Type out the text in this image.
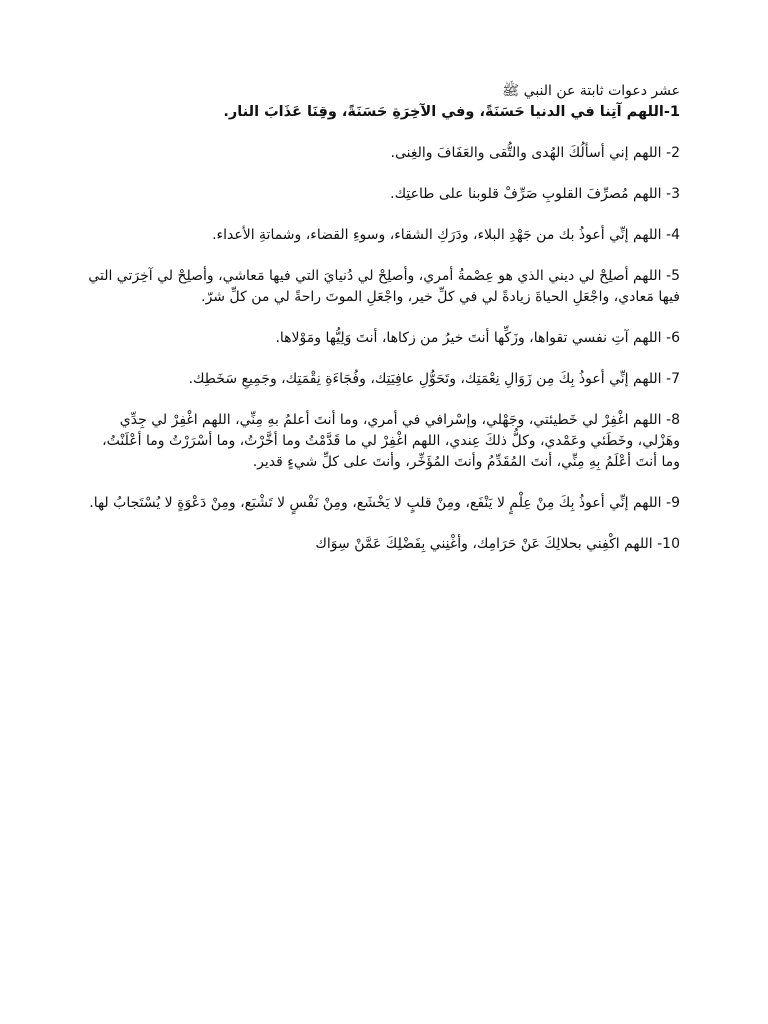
عشر دعوات ثابتة عن النبي ﷺ

1-اللهم آتِنا في الدنيا حَسَنَةً، وفي الآخِرَةِ حَسَنَةً، وقِنَا عَذَابَ النار.

2- اللهم إني أسألُكَ الهُدى والتُّقى والعَفَافَ والغِنى.

3- اللهم مُصرِّفَ القلوبِ صَرِّفْ قلوبنا على طاعتِك.

4- اللهم إنِّي أعوذُ بك من جَهْدِ البلاء، ودَرَكِ الشقاء، وسوءِ القضاء، وشماتةِ الأعداء.

5- اللهم أصلِحْ لي ديني الذي هو عِصْمةُ أمري، وأصلِحْ لي دُنيايَ التي فيها مَعاشي، وأصلِحْ لي آخِرَتي التي فيها مَعادي، واجْعَلِ الحياةَ زيادةً لي في كلِّ خير، واجْعَلِ الموتَ راحةً لي من كلِّ شرّ.

6- اللهم آتِ نفسي تقواها، وزَكِّها أنتَ خيرُ من زكاها، أنتَ وَلِيُّها ومَوْلاها.

7- اللهم إنِّي أعوذُ بِكَ مِن زَوَالِ نِعْمَتِك، وتَحَوُّلِ عافِيَتِك، وفُجَاءَةِ نِقْمَتِك، وجَمِيعِ سَخَطِك.

8- اللهم اغْفِرْ لي خَطيئتي، وجَهْلي، وإسْرافي في أمري، وما أنتَ أعلمُ بهِ مِنِّي، اللهم اغْفِرْ لي جِدِّي وهَزْلي، وخَطَئي وعَمْدي، وكلُّ ذلكَ عِندي، اللهم اغْفِرْ لي ما قَدَّمْتُ وما أخَّرْتُ، وما أسْرَرْتُ وما أعْلَنْتُ، وما أنتَ أعْلَمُ بِهِ مِنِّي، أنتَ المُقَدِّمُ وأنتَ المُؤَخِّر، وأنتَ على كلِّ شيءٍ قدير.

9- اللهم إنِّي أعوذُ بِكَ مِنْ عِلْمٍ لا يَنْفَع، ومِنْ قلبٍ لا يَخْشَع، ومِنْ نَفْسٍ لا تَشْبَع، ومِنْ دَعْوَةٍ لا يُسْتَجابُ لها.

10- اللهم اكْفِني بحلالِكَ عَنْ حَرَامِك، وأغْنِني بِفَضْلِكَ عَمَّنْ سِوَاك
